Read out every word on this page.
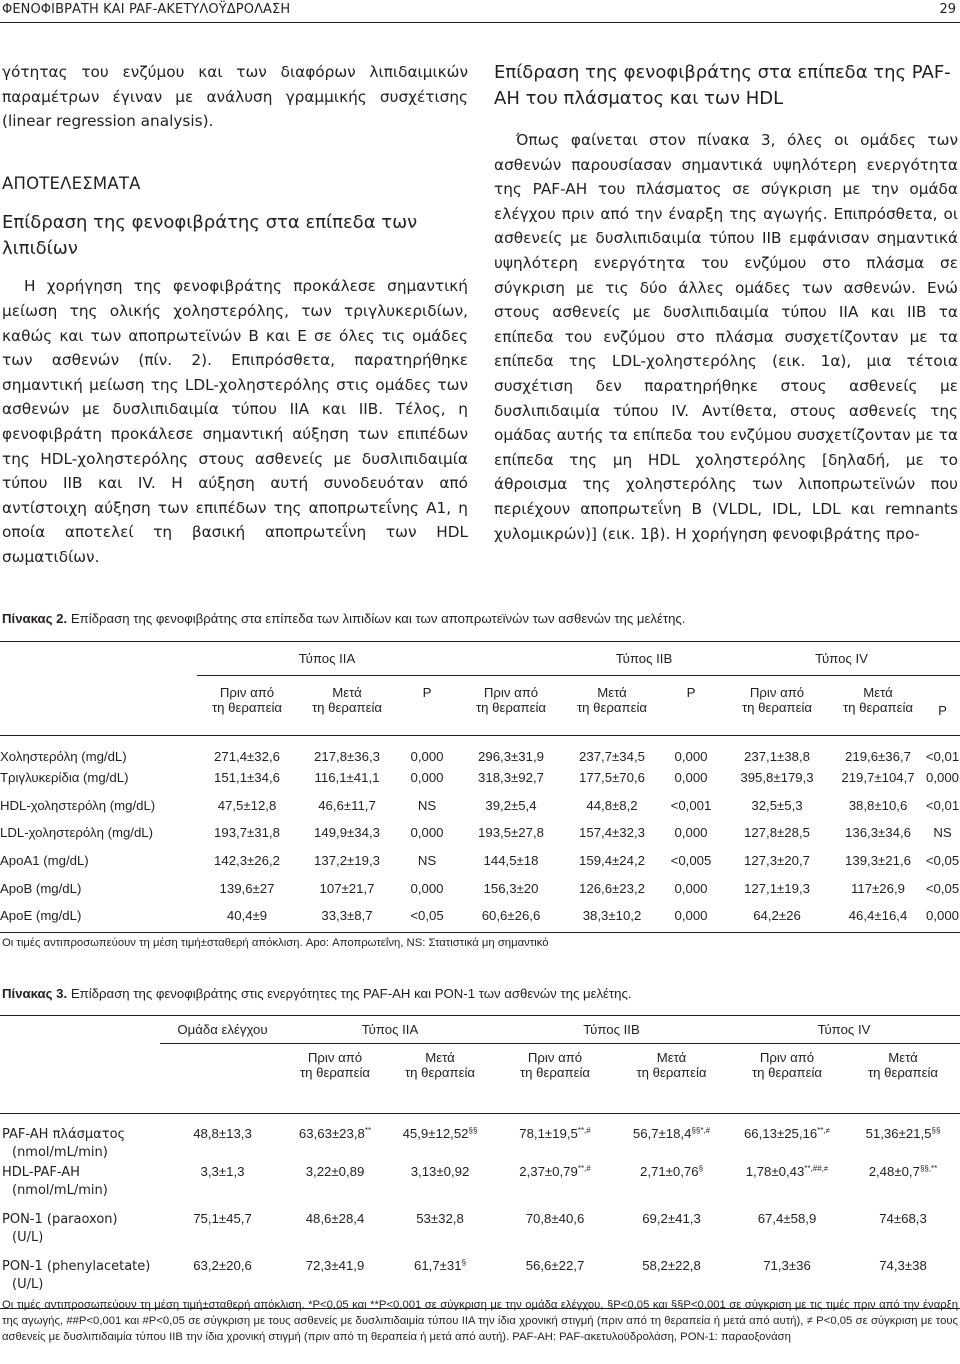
ΦΕΝΟΦΙΒΡΑΤΗ ΚΑΙ PAF-ΑΚΕΤΥΛΟΫΔΡΟΛΑΣΗ	29

γότητας του ενζύμου και των διαφόρων λιπιδαιμικών παραμέτρων έγιναν με ανάλυση γραμμικής συσχέτισης (linear regression analysis).

ΑΠΟΤΕΛΕΣΜΑΤΑ
Επίδραση της φενοφιβράτης στα επίπεδα των λιπιδίων

Η χορήγηση της φενοφιβράτης προκάλεσε σημαντική μείωση της ολικής χοληστερόλης, των τριγλυκεριδίων, καθώς και των αποπρωτεϊνών B και E σε όλες τις ομάδες των ασθενών (πίν. 2). Επιπρόσθετα, παρατηρήθηκε σημαντική μείωση της LDL-χοληστερόλης στις ομάδες των ασθενών με δυσλιπιδαιμία τύπου IIA και IIB. Τέλος, η φενοφιβράτη προκάλεσε σημαντική αύξηση των επιπέδων της HDL-χοληστερόλης στους ασθενείς με δυσλιπιδαιμία τύπου IIB και IV. Η αύξηση αυτή συνοδευόταν από αντίστοιχη αύξηση των επιπέδων της αποπρωτεΐνης A1, η οποία αποτελεί τη βασική αποπρωτεΐνη των HDL σωματιδίων.

Επίδραση της φενοφιβράτης στα επίπεδα της PAF-AH του πλάσματος και των HDL

Όπως φαίνεται στον πίνακα 3, όλες οι ομάδες των ασθενών παρουσίασαν σημαντικά υψηλότερη ενεργότητα της PAF-AH του πλάσματος σε σύγκριση με την ομάδα ελέγχου πριν από την έναρξη της αγωγής. Επιπρόσθετα, οι ασθενείς με δυσλιπιδαιμία τύπου IIB εμφάνισαν σημαντικά υψηλότερη ενεργότητα του ενζύμου στο πλάσμα σε σύγκριση με τις δύο άλλες ομάδες των ασθενών. Ενώ στους ασθενείς με δυσλιπιδαιμία τύπου IIA και IIB τα επίπεδα του ενζύμου στο πλάσμα συσχετίζονταν με τα επίπεδα της LDL-χοληστερόλης (εικ. 1α), μια τέτοια συσχέτιση δεν παρατηρήθηκε στους ασθενείς με δυσλιπιδαιμία τύπου IV. Αντίθετα, στους ασθενείς της ομάδας αυτής τα επίπεδα του ενζύμου συσχετίζονταν με τα επίπεδα της μη HDL χοληστερόλης [δηλαδή, με το άθροισμα της χοληστερόλης των λιποπρωτεϊνών που περιέχουν αποπρωτεΐνη B (VLDL, IDL, LDL και remnants χυλομικρών)] (εικ. 1β). Η χορήγηση φενοφιβράτης προ-

Πίνακας 2. Επίδραση της φενοφιβράτης στα επίπεδα των λιπιδίων και των αποπρωτεϊνών των ασθενών της μελέτης.
	Τύπος IIA				Τύπος IIB		Τύπος IV		
	Πριν από
τη θεραπεία	Μετά
τη θεραπεία	P	Πριν από
τη θεραπεία	Μετά
τη θεραπεία	P	Πριν από
τη θεραπεία	Μετά
τη θεραπεία	P
Χοληστερόλη (mg/dL)	271,4±32,6	217,8±36,3	0,000	296,3±31,9	237,7±34,5	0,000	237,1±38,8	219,6±36,7	<0,01
Τριγλυκερίδια (mg/dL)	151,1±34,6	116,1±41,1	0,000	318,3±92,7	177,5±70,6	0,000	395,8±179,3	219,7±104,7	0,000
HDL-χοληστερόλη (mg/dL)	47,5±12,8	46,6±11,7	NS	39,2±5,4	44,8±8,2	<0,001	32,5±5,3	38,8±10,6	<0,01
LDL-χοληστερόλη (mg/dL)	193,7±31,8	149,9±34,3	0,000	193,5±27,8	157,4±32,3	0,000	127,8±28,5	136,3±34,6	NS
ApoA1 (mg/dL)	142,3±26,2	137,2±19,3	NS	144,5±18	159,4±24,2	<0,005	127,3±20,7	139,3±21,6	<0,05
ApoB (mg/dL)	139,6±27	107±21,7	0,000	156,3±20	126,6±23,2	0,000	127,1±19,3	117±26,9	<0,05
ApoE (mg/dL)	40,4±9	33,3±8,7	<0,05	60,6±26,6	38,3±10,2	0,000	64,2±26	46,4±16,4	0,000
Οι τιμές αντιπροσωπεύουν τη μέση τιμή±σταθερή απόκλιση. Apo: Αποπρωτεΐνη, NS: Στατιστικά μη σημαντικό
Πίνακας 3. Επίδραση της φενοφιβράτης στις ενεργότητες της PAF-AH και PON-1 των ασθενών της μελέτης.
	Ομάδα ελέγχου	Τύπος IIA		Τύπος IIB		Τύπος IV	
		Πριν από
τη θεραπεία	Μετά
τη θεραπεία	Πριν από
τη θεραπεία	Μετά
τη θεραπεία	Πριν από
τη θεραπεία	Μετά
τη θεραπεία
PAF-AH πλάσματος
(nmol/mL/min)	48,8±13,3	63,63±23,8**	45,9±12,52§§	78,1±19,5**,#	56,7±18,4§§*,#	66,13±25,16**,≠	51,36±21,5§§
HDL-PAF-AH
(nmol/mL/min)	3,3±1,3	3,22±0,89	3,13±0,92	2,37±0,79**,#	2,71±0,76§	1,78±0,43**,##,≠	2,48±0,7§§,**
PON-1 (paraoxon)
(U/L)	75,1±45,7	48,6±28,4	53±32,8	70,8±40,6	69,2±41,3	67,4±58,9	74±68,3
PON-1 (phenylacetate)
(U/L)	63,2±20,6	72,3±41,9	61,7±31§	56,6±22,7	58,2±22,8	71,3±36	74,3±38
Οι τιμές αντιπροσωπεύουν τη μέση τιμή±σταθερή απόκλιση. *P<0,05 και **P<0,001 σε σύγκριση με την ομάδα ελέγχου, §P<0,05 και §§P<0,001 σε σύγκριση με τις τιμές πριν από την έναρξη της αγωγής, ##P<0,001 και #P<0,05 σε σύγκριση με τους ασθενείς με δυσλιπιδαιμία τύπου IIA την ίδια χρονική στιγμή (πριν από τη θεραπεία ή μετά από αυτή), ≠ P<0,05 σε σύγκριση με τους ασθενείς με δυσλιπιδαιμία τύπου IIB την ίδια χρονική στιγμή (πριν από τη θεραπεία ή μετά από αυτή). PAF-AH: PAF-ακετυλοϋδρολάση, PON-1: παραοξονάση
